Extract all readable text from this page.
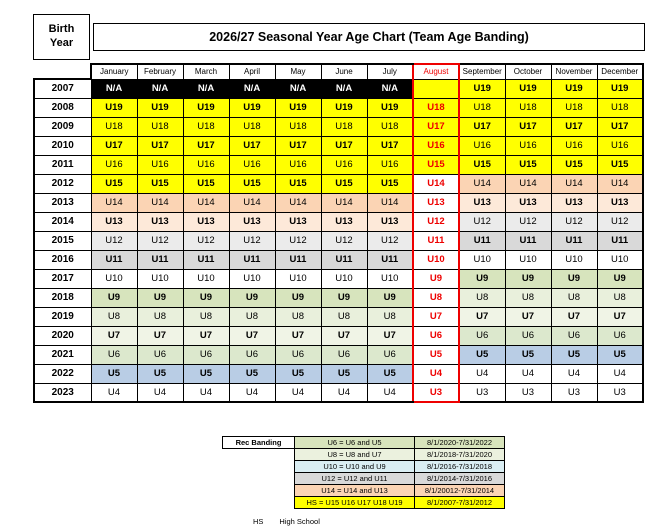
Birth
Year	2026/27 Seasonal Year Age Chart (Team Age Banding)
	January	February	March	April	May	June	July	August	September	October	November	December
2007	N/A	N/A	N/A	N/A	N/A	N/A	N/A		U19	U19	U19	U19
2008	U19	U19	U19	U19	U19	U19	U19	U18	U18	U18	U18	U18
2009	U18	U18	U18	U18	U18	U18	U18	U17	U17	U17	U17	U17
2010	U17	U17	U17	U17	U17	U17	U17	U16	U16	U16	U16	U16
2011	U16	U16	U16	U16	U16	U16	U16	U15	U15	U15	U15	U15
2012	U15	U15	U15	U15	U15	U15	U15	U14	U14	U14	U14	U14
2013	U14	U14	U14	U14	U14	U14	U14	U13	U13	U13	U13	U13
2014	U13	U13	U13	U13	U13	U13	U13	U12	U12	U12	U12	U12
2015	U12	U12	U12	U12	U12	U12	U12	U11	U11	U11	U11	U11
2016	U11	U11	U11	U11	U11	U11	U11	U10	U10	U10	U10	U10
2017	U10	U10	U10	U10	U10	U10	U10	U9	U9	U9	U9	U9
2018	U9	U9	U9	U9	U9	U9	U9	U8	U8	U8	U8	U8
2019	U8	U8	U8	U8	U8	U8	U8	U7	U7	U7	U7	U7
2020	U7	U7	U7	U7	U7	U7	U7	U6	U6	U6	U6	U6
2021	U6	U6	U6	U6	U6	U6	U6	U5	U5	U5	U5	U5
2022	U5	U5	U5	U5	U5	U5	U5	U4	U4	U4	U4	U4
2023	U4	U4	U4	U4	U4	U4	U4	U3	U3	U3	U3	U3
Rec Banding	U6 = U6 and U5	8/1/2020-7/31/2022
	U8 = U8 and U7	8/1/2018-7/31/2020
	U10 = U10 and U9	8/1/2016-7/31/2018
	U12 = U12 and U11	8/1/2014-7/31/2016
	U14 = U14 and U13	8/1/20012-7/31/2014
	HS = U15 U16 U17 U18 U19	8/1/2007-7/31/2012
HS High School
